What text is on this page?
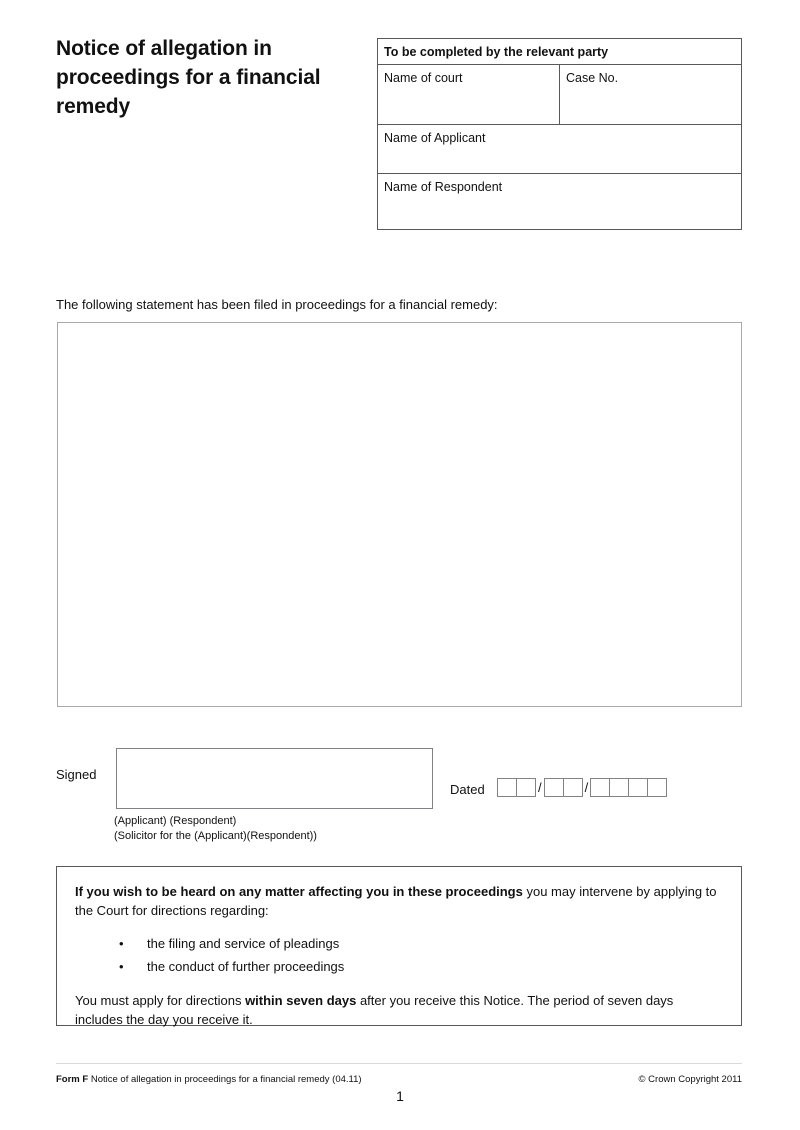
Notice of allegation in proceedings for a financial remedy
To be completed by the relevant party
Name of court	Case No.
Name of Applicant
Name of Respondent
The following statement has been filed in proceedings for a financial remedy:
Signed
(Applicant) (Respondent)
(Solicitor for the (Applicant)(Respondent))
Dated	/	/

If you wish to be heard on any matter affecting you in these proceedings you may intervene by applying to the Court for directions regarding:

• the filing and service of pleadings
• the conduct of further proceedings

You must apply for directions within seven days after you receive this Notice. The period of seven days includes the day you receive it.

Form F Notice of allegation in proceedings for a financial remedy (04.11)	© Crown Copyright 2011
1
